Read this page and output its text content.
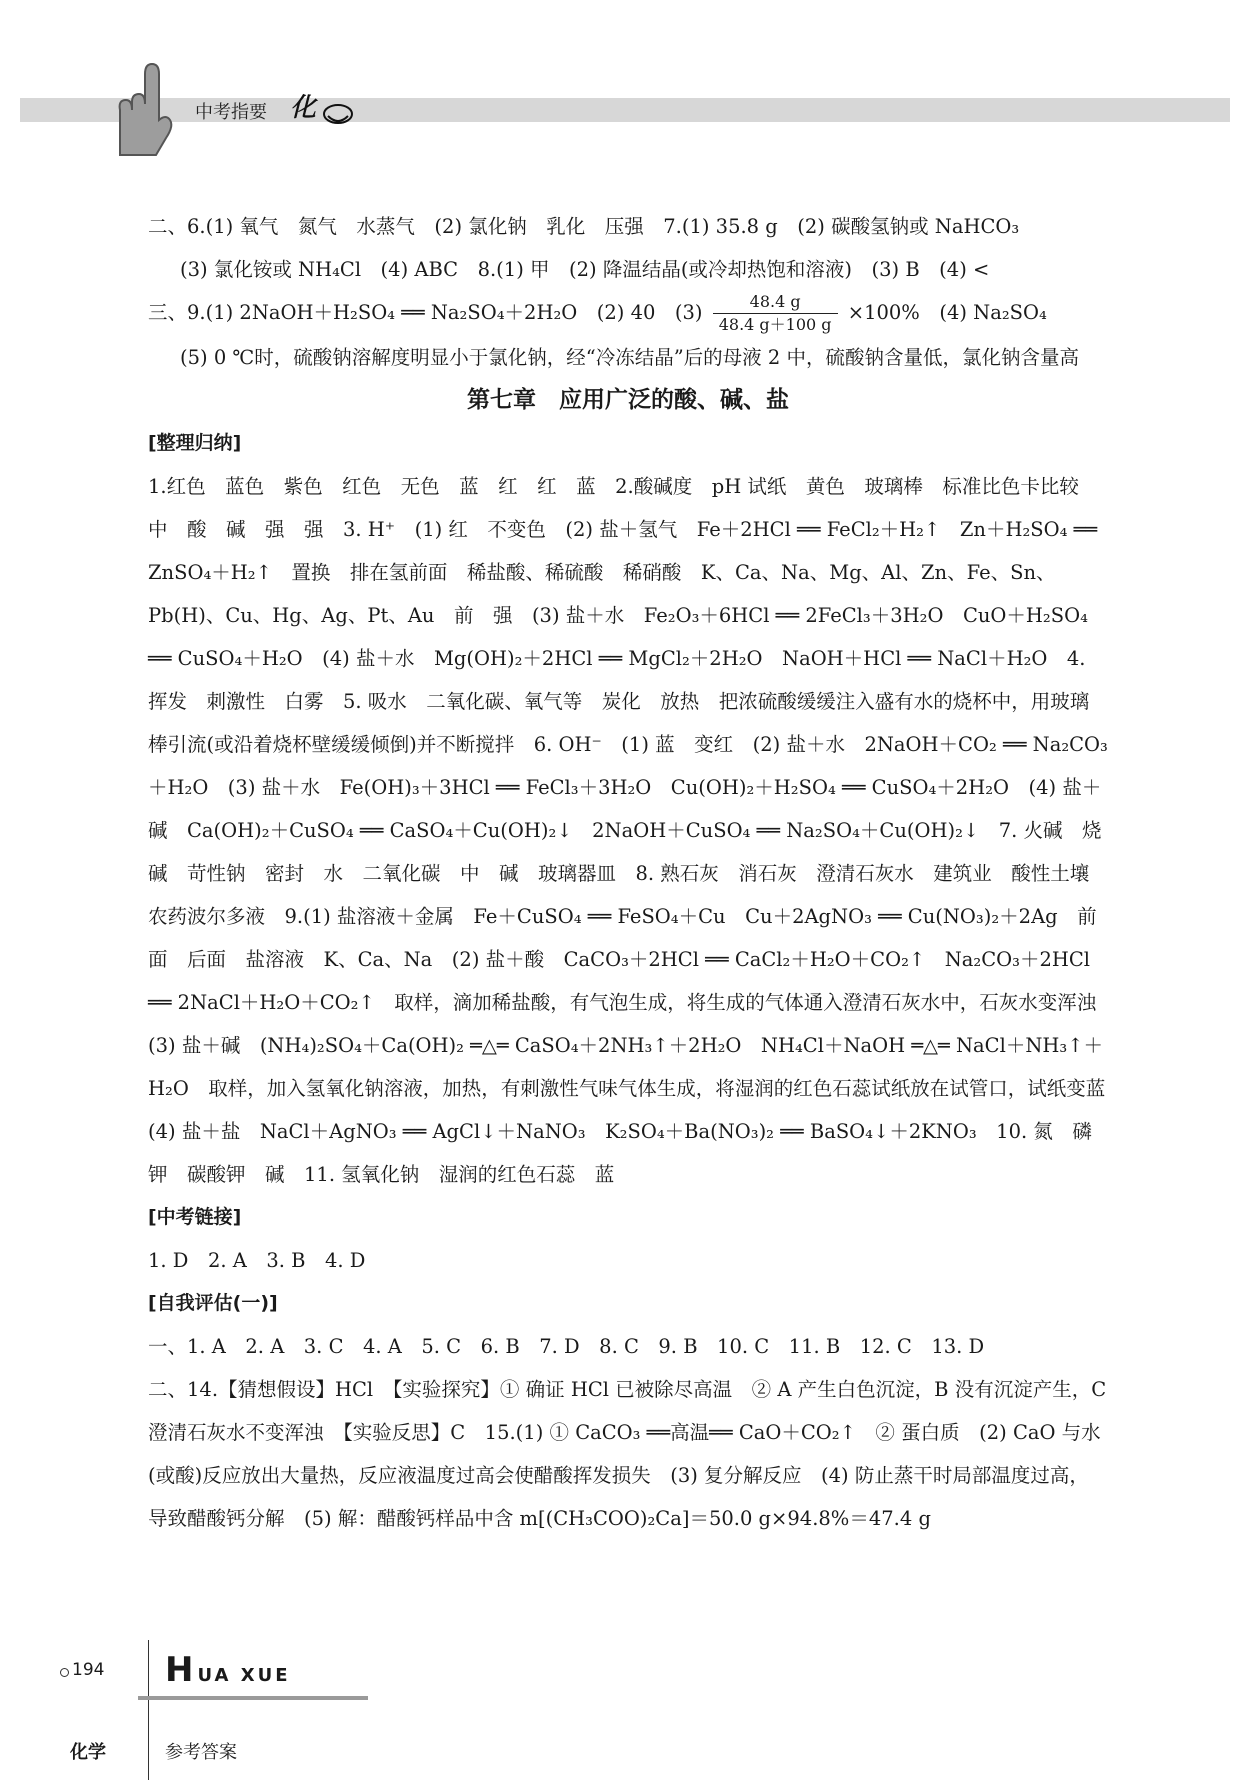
中考指要 化

二、6.(1) 氧气　氮气　水蒸气　(2) 氯化钠　乳化　压强　7.(1) 35.8 g　(2) 碳酸氢钠或 NaHCO₃

(3) 氯化铵或 NH₄Cl　(4) ABC　8.(1) 甲　(2) 降温结晶(或冷却热饱和溶液)　(3) B　(4) <

三、9.(1) 2NaOH＋H₂SO₄ ══ Na₂SO₄＋2H₂O　(2) 40　$(3) \frac{48.4 g}{48.4 g+100 g} \times 100\%$　(4) Na₂SO₄

(5) 0 ℃时，硫酸钠溶解度明显小于氯化钠，经“冷冻结晶”后的母液 2 中，硫酸钠含量低，氯化钠含量高

第七章　应用广泛的酸、碱、盐

[整理归纳]

1.红色　蓝色　紫色　红色　无色　蓝　红　红　蓝　2.酸碱度　pH 试纸　黄色　玻璃棒　标准比色卡比较　中　酸　碱　强　强　3. H⁺　(1) 红　不变色　(2) 盐＋氢气　Fe＋2HCl ══ FeCl₂＋H₂↑　Zn＋H₂SO₄ ══ ZnSO₄＋H₂↑　置换　排在氢前面　稀盐酸、稀硫酸　稀硝酸　K、Ca、Na、Mg、Al、Zn、Fe、Sn、Pb(H)、Cu、Hg、Ag、Pt、Au　前　强　(3) 盐＋水　Fe₂O₃＋6HCl ══ 2FeCl₃＋3H₂O　CuO＋H₂SO₄ ══ CuSO₄＋H₂O　(4) 盐＋水　Mg(OH)₂＋2HCl ══ MgCl₂＋2H₂O　NaOH＋HCl ══ NaCl＋H₂O　4. 挥发　刺激性　白雾　5. 吸水　二氧化碳、氧气等　炭化　放热　把浓硫酸缓缓注入盛有水的烧杯中，用玻璃棒引流(或沿着烧杯壁缓缓倾倒)并不断搅拌　6. OH⁻　(1) 蓝　变红　(2) 盐＋水　2NaOH＋CO₂ ══ Na₂CO₃＋H₂O　(3) 盐＋水　Fe(OH)₃＋3HCl ══ FeCl₃＋3H₂O　Cu(OH)₂＋H₂SO₄ ══ CuSO₄＋2H₂O　(4) 盐＋碱　Ca(OH)₂＋CuSO₄ ══ CaSO₄＋Cu(OH)₂↓　2NaOH＋CuSO₄ ══ Na₂SO₄＋Cu(OH)₂↓　7. 火碱　烧碱　苛性钠　密封　水　二氧化碳　中　碱　玻璃器皿　8. 熟石灰　消石灰　澄清石灰水　建筑业　酸性土壤　农药波尔多液　9.(1) 盐溶液＋金属　Fe＋CuSO₄ ══ FeSO₄＋Cu　Cu＋2AgNO₃ ══ Cu(NO₃)₂＋2Ag　前面　后面　盐溶液　K、Ca、Na　(2) 盐＋酸　CaCO₃＋2HCl ══ CaCl₂＋H₂O＋CO₂↑　Na₂CO₃＋2HCl ══ 2NaCl＋H₂O＋CO₂↑　取样，滴加稀盐酸，有气泡生成，将生成的气体通入澄清石灰水中，石灰水变浑浊　(3) 盐＋碱　(NH₄)₂SO₄＋Ca(OH)₂ ═△═ CaSO₄＋2NH₃↑＋2H₂O　NH₄Cl＋NaOH ═△═ NaCl＋NH₃↑＋H₂O　取样，加入氢氧化钠溶液，加热，有刺激性气味气体生成，将湿润的红色石蕊试纸放在试管口，试纸变蓝　(4) 盐＋盐　NaCl＋AgNO₃ ══ AgCl↓＋NaNO₃　K₂SO₄＋Ba(NO₃)₂ ══ BaSO₄↓＋2KNO₃　10. 氮　磷　钾　碳酸钾　碱　11. 氢氧化钠　湿润的红色石蕊　蓝

[中考链接]

1. D　2. A　3. B　4. D

[自我评估(一)]

一、1. A　2. A　3. C　4. A　5. C　6. B　7. D　8. C　9. B　10. C　11. B　12. C　13. D

二、14.【猜想假设】HCl　【实验探究】① 确证 HCl 已被除尽高温　② A 产生白色沉淀，B 没有沉淀产生，C 澄清石灰水不变浑浊　【实验反思】C　15.(1) ① CaCO₃ ══高温══ CaO＋CO₂↑　② 蛋白质　(2) CaO 与水(或酸)反应放出大量热，反应液温度过高会使醋酸挥发损失　(3) 复分解反应　(4) 防止蒸干时局部温度过高，导致醋酸钙分解　(5) 解：醋酸钙样品中含 m[(CH₃COO)₂Ca]＝50.0 g×94.8%＝47.4 g

194 HUA XUE
化学	参考答案
